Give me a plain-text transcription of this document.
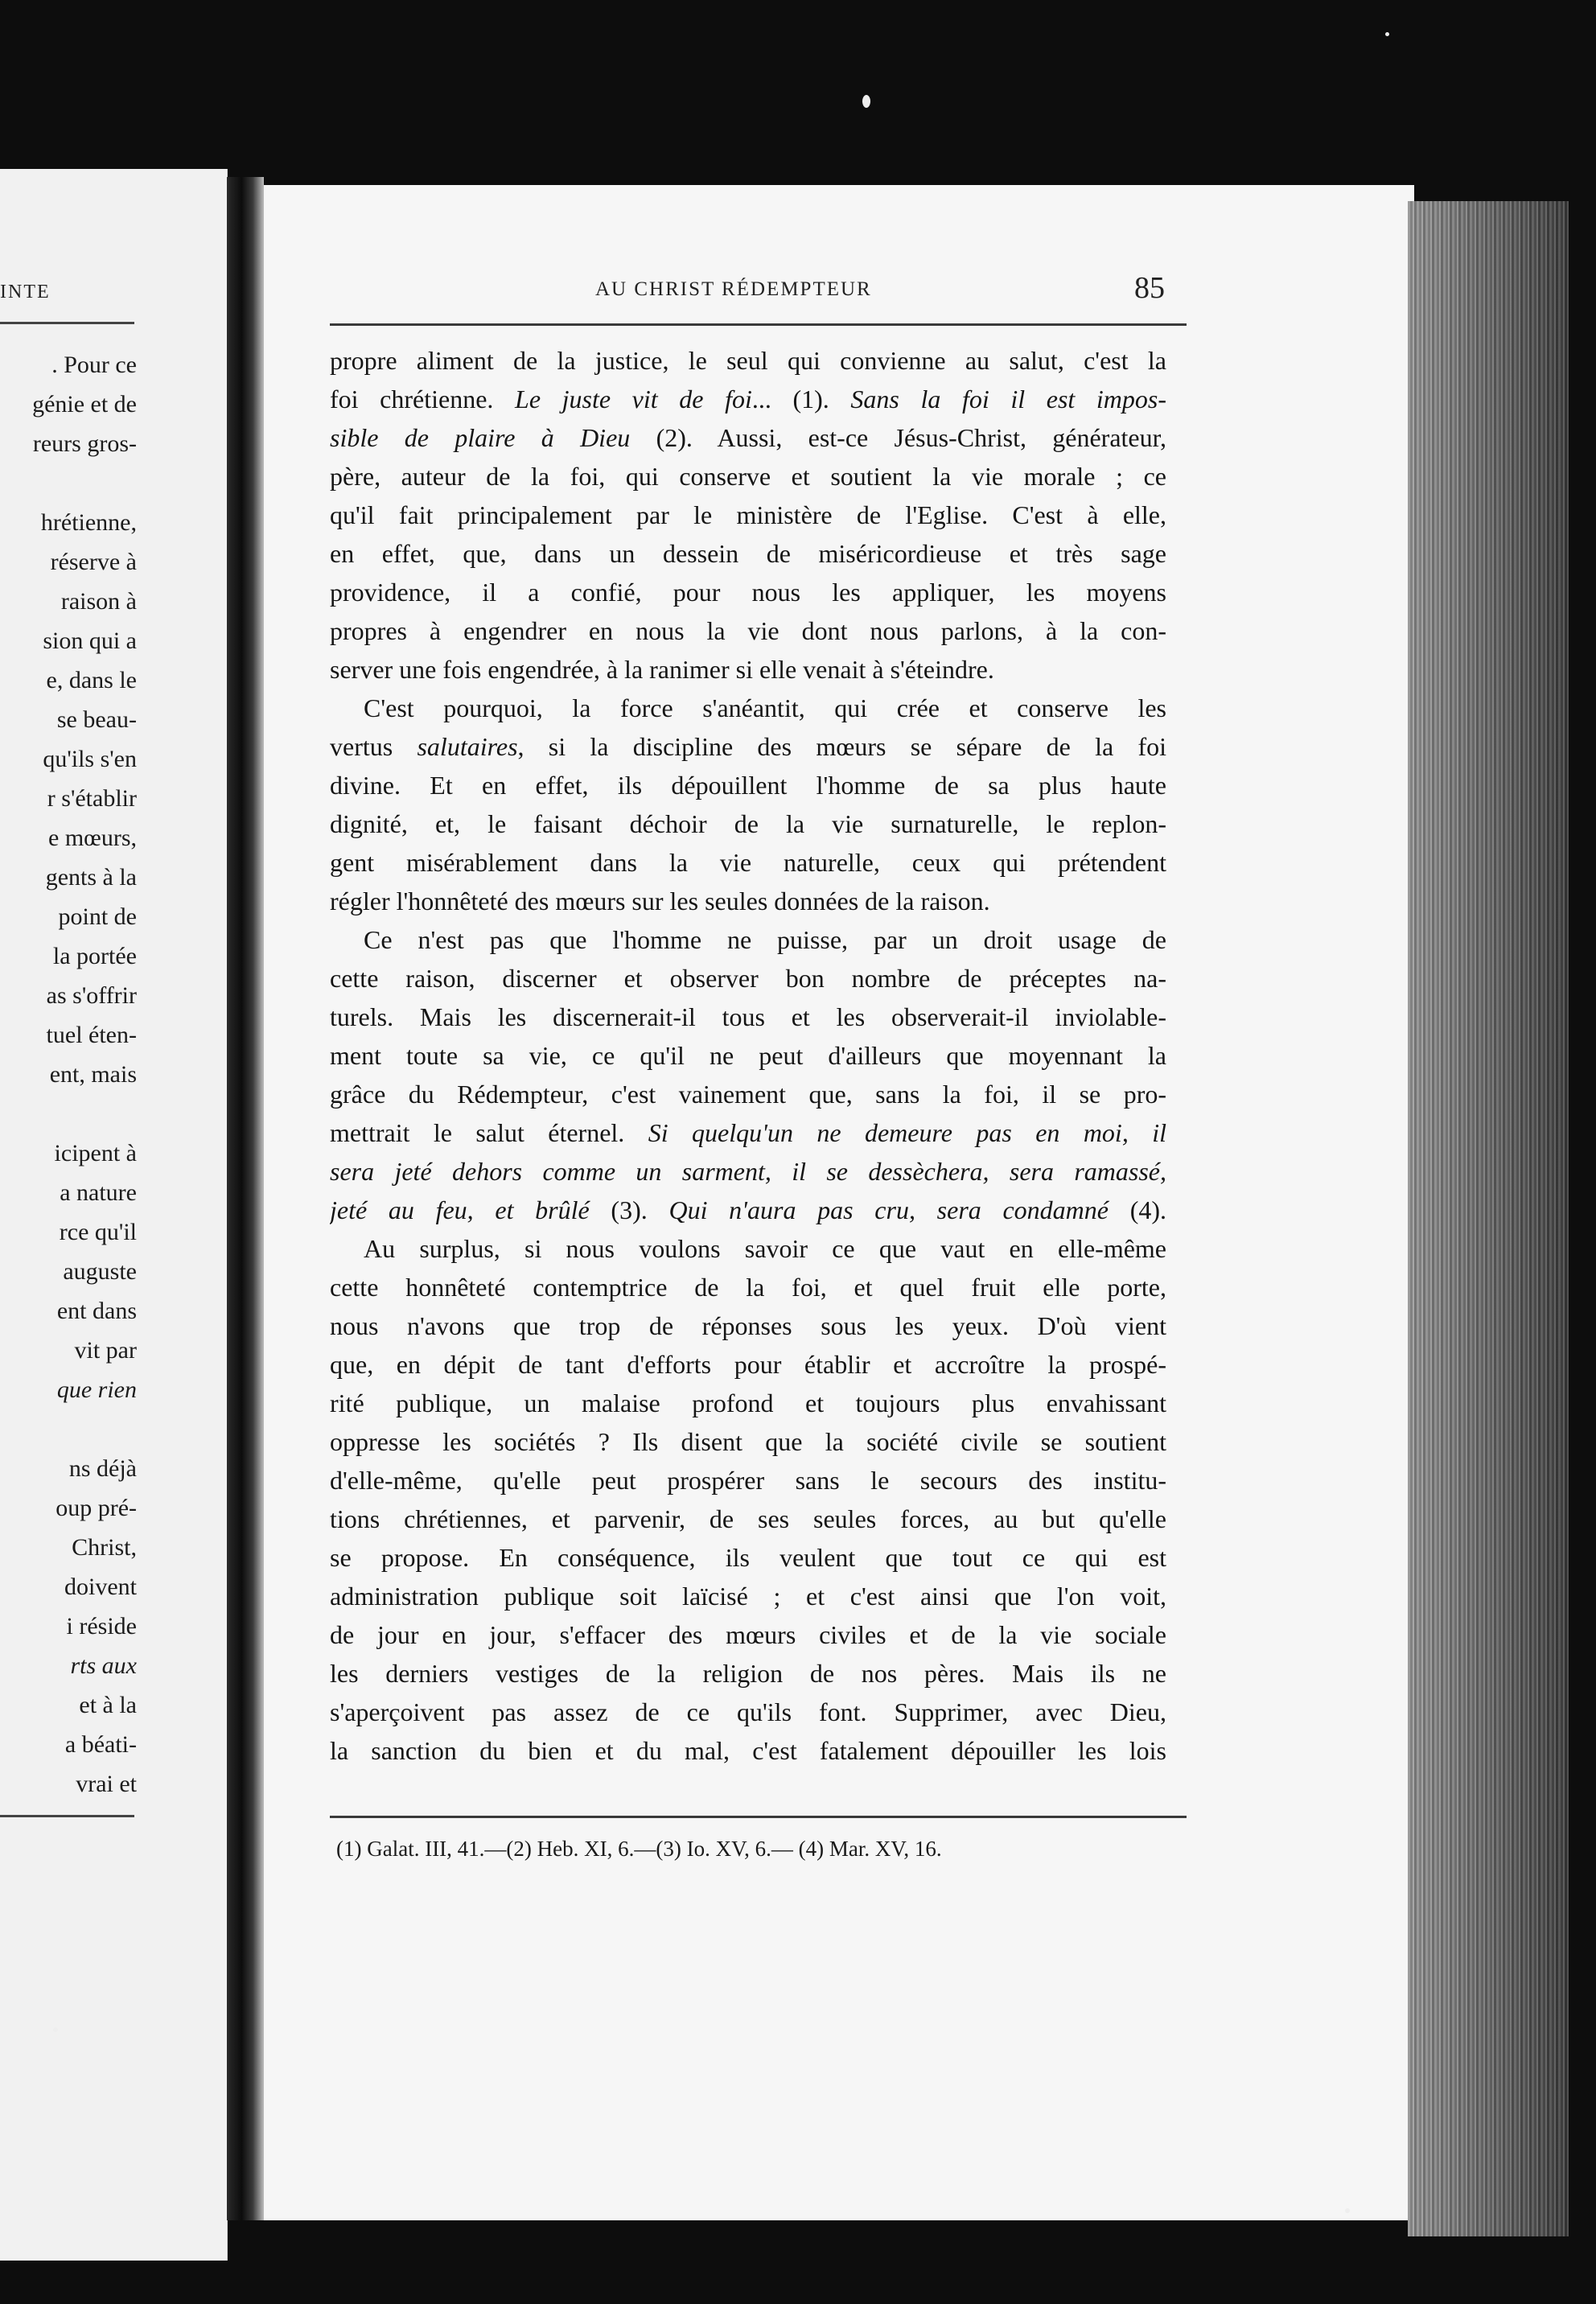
INTE
. Pour ce
génie et de
reurs gros-
hrétienne,
réserve à
raison à
sion qui a
e, dans le
se beau-
qu'ils s'en
r s'établir
e mœurs,
gents à la
point de
la portée
as s'offrir
tuel éten-
ent, mais
icipent à
a nature
rce qu'il
auguste
ent dans
vit par
que rien
ns déjà
oup pré-
Christ,
doivent
i réside
rts aux
et à la
a béati-
vrai et
AU CHRIST RÉDEMPTEUR	85
propre aliment de la justice, le seul qui convienne au salut, c'est la
foi chrétienne. Le juste vit de foi... (1). Sans la foi il est impos-
sible de plaire à Dieu (2). Aussi, est-ce Jésus-Christ, générateur,
père, auteur de la foi, qui conserve et soutient la vie morale ; ce
qu'il fait principalement par le ministère de l'Eglise. C'est à elle,
en effet, que, dans un dessein de miséricordieuse et très sage
providence, il a confié, pour nous les appliquer, les moyens
propres à engendrer en nous la vie dont nous parlons, à la con-
server une fois engendrée, à la ranimer si elle venait à s'éteindre.
C'est pourquoi, la force s'anéantit, qui crée et conserve les
vertus salutaires, si la discipline des mœurs se sépare de la foi
divine. Et en effet, ils dépouillent l'homme de sa plus haute
dignité, et, le faisant déchoir de la vie surnaturelle, le replon-
gent misérablement dans la vie naturelle, ceux qui prétendent
régler l'honnêteté des mœurs sur les seules données de la raison.
Ce n'est pas que l'homme ne puisse, par un droit usage de
cette raison, discerner et observer bon nombre de préceptes na-
turels. Mais les discernerait-il tous et les observerait-il inviolable-
ment toute sa vie, ce qu'il ne peut d'ailleurs que moyennant la
grâce du Rédempteur, c'est vainement que, sans la foi, il se pro-
mettrait le salut éternel. Si quelqu'un ne demeure pas en moi, il
sera jeté dehors comme un sarment, il se dessèchera, sera ramassé,
jeté au feu, et brûlé (3). Qui n'aura pas cru, sera condamné (4).
Au surplus, si nous voulons savoir ce que vaut en elle-même
cette honnêteté contemptrice de la foi, et quel fruit elle porte,
nous n'avons que trop de réponses sous les yeux. D'où vient
que, en dépit de tant d'efforts pour établir et accroître la prospé-
rité publique, un malaise profond et toujours plus envahissant
oppresse les sociétés ? Ils disent que la société civile se soutient
d'elle-même, qu'elle peut prospérer sans le secours des institu-
tions chrétiennes, et parvenir, de ses seules forces, au but qu'elle
se propose. En conséquence, ils veulent que tout ce qui est
administration publique soit laïcisé ; et c'est ainsi que l'on voit,
de jour en jour, s'effacer des mœurs civiles et de la vie sociale
les derniers vestiges de la religion de nos pères. Mais ils ne
s'aperçoivent pas assez de ce qu'ils font. Supprimer, avec Dieu,
la sanction du bien et du mal, c'est fatalement dépouiller les lois
(1) Galat. III, 41.—(2) Heb. XI, 6.—(3) Io. XV, 6.— (4) Mar. XV, 16.
